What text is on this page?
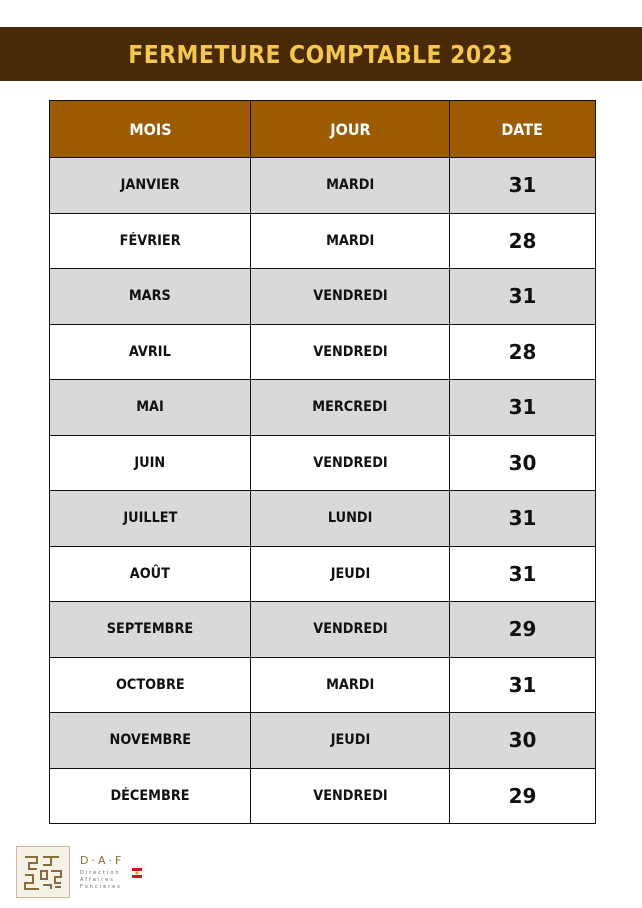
FERMETURE COMPTABLE 2023
MOIS	JOUR	DATE
JANVIER	MARDI	31
FÉVRIER	MARDI	28
MARS	VENDREDI	31
AVRIL	VENDREDI	28
MAI	MERCREDI	31
JUIN	VENDREDI	30
JUILLET	LUNDI	31
AOÛT	JEUDI	31
SEPTEMBRE	VENDREDI	29
OCTOBRE	MARDI	31
NOVEMBRE	JEUDI	30
DÉCEMBRE	VENDREDI	29
D·A·F
Direction
Affaires
Foncières
